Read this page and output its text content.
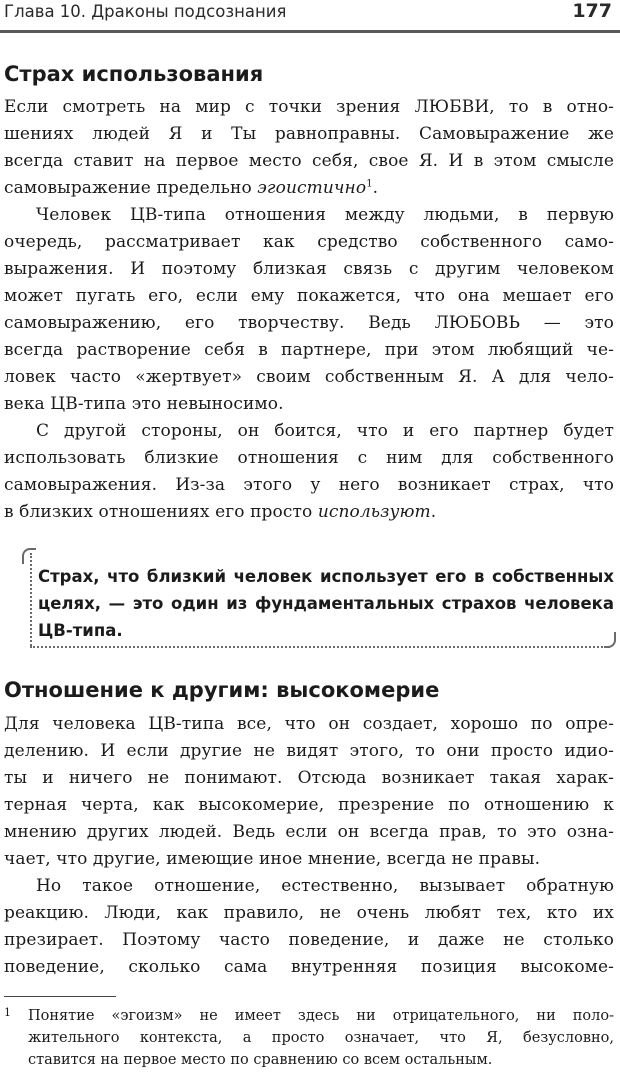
Глава 10. Драконы подсознания	177
Страх использования
Если смотреть на мир с точки зрения ЛЮБВИ, то в отно-
шениях людей Я и Ты равноправны. Самовыражение же
всегда ставит на первое место себя, свое Я. И в этом смысле
самовыражение предельно эгоистично$^1$.
Человек ЦВ-типа отношения между людьми, в первую
очередь, рассматривает как средство собственного само-
выражения. И поэтому близкая связь с другим человеком
может пугать его, если ему покажется, что она мешает его
самовыражению, его творчеству. Ведь ЛЮБОВЬ — это
всегда растворение себя в партнере, при этом любящий че-
ловек часто «жертвует» своим собственным Я. А для чело-
века ЦВ-типа это невыносимо.
С другой стороны, он боится, что и его партнер будет
использовать близкие отношения с ним для собственного
самовыражения. Из-за этого у него возникает страх, что
в близких отношениях его просто используют.
Страх, что близкий человек использует его в собственных
целях, — это один из фундаментальных страхов человека
ЦВ-типа.
Отношение к другим: высокомерие
Для человека ЦВ-типа все, что он создает, хорошо по опре-
делению. И если другие не видят этого, то они просто идио-
ты и ничего не понимают. Отсюда возникает такая харак-
терная черта, как высокомерие, презрение по отношению к
мнению других людей. Ведь если он всегда прав, то это озна-
чает, что другие, имеющие иное мнение, всегда не правы.
Но такое отношение, естественно, вызывает обратную
реакцию. Люди, как правило, не очень любят тех, кто их
презирает. Поэтому часто поведение, и даже не столько
поведение, сколько сама внутренняя позиция высокоме-
1 Понятие «эгоизм» не имеет здесь ни отрицательного, ни поло-
жительного контекста, а просто означает, что Я, безусловно,
ставится на первое место по сравнению со всем остальным.
